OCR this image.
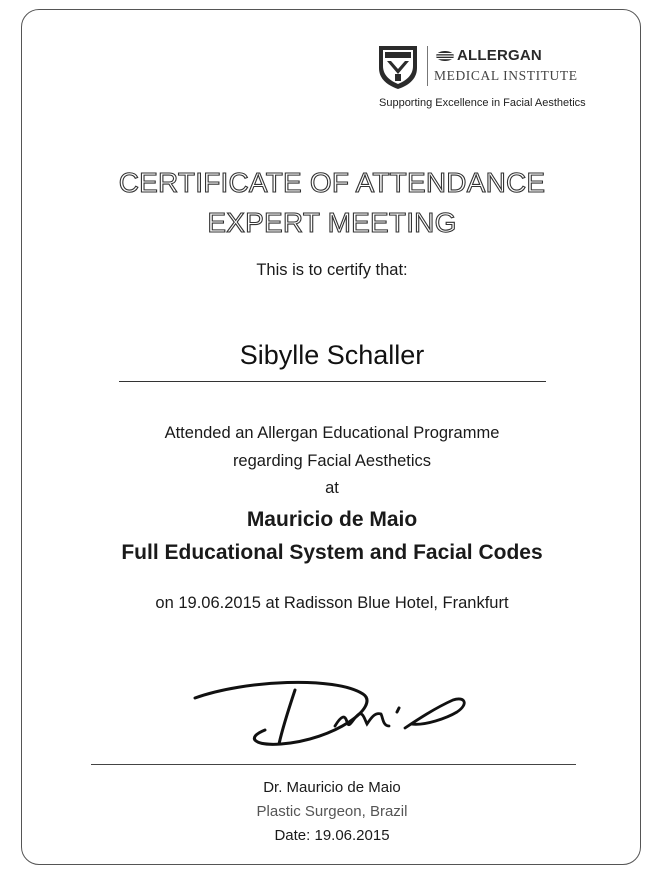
ALLERGAN
MEDICAL INSTITUTE
Supporting Excellence in Facial Aesthetics
CERTIFICATE OF ATTENDANCE
EXPERT MEETING
This is to certify that:
Sibylle Schaller
Attended an Allergan Educational Programme
regarding Facial Aesthetics
at
Mauricio de Maio
Full Educational System and Facial Codes
on 19.06.2015 at Radisson Blue Hotel, Frankfurt
Dr. Mauricio de Maio
Plastic Surgeon, Brazil
Date: 19.06.2015
